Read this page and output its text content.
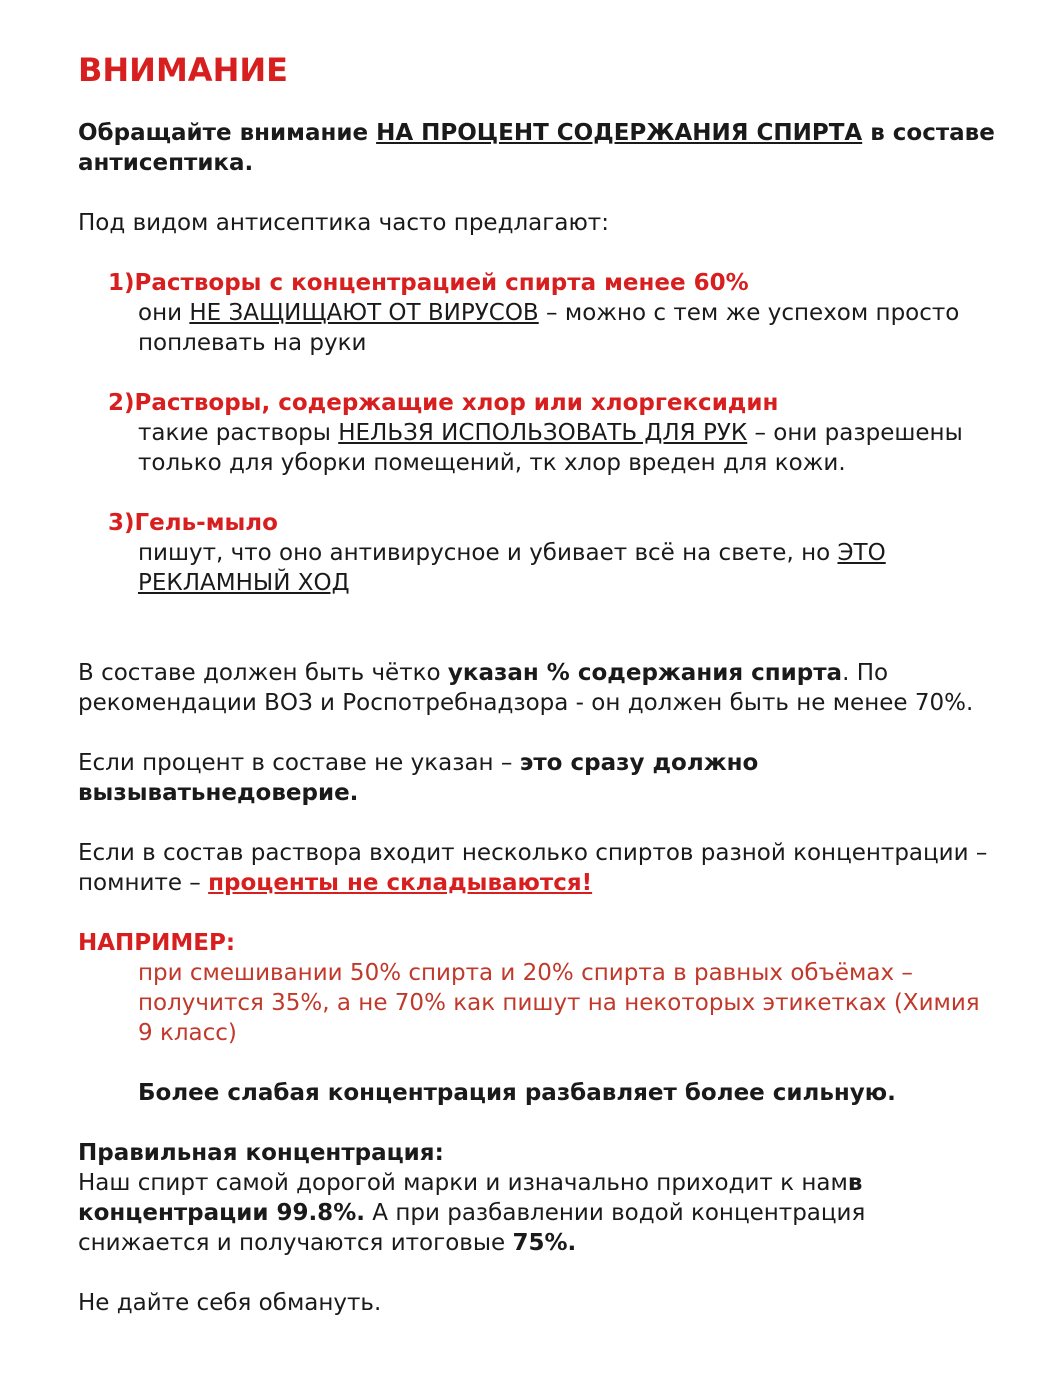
ВНИМАНИЕ

Обращайте внимание НА ПРОЦЕНТ СОДЕРЖАНИЯ СПИРТА в составе антисептика.

Под видом антисептика часто предлагают:

1)Растворы с концентрацией спирта менее 60%
они НЕ ЗАЩИЩАЮТ ОТ ВИРУСОВ – можно с тем же успехом просто поплевать на руки
2)Растворы, содержащие хлор или хлоргексидин
такие растворы НЕЛЬЗЯ ИСПОЛЬЗОВАТЬ ДЛЯ РУК – они разрешены только для уборки помещений, тк хлор вреден для кожи.
3)Гель-мыло
пишут, что оно антивирусное и убивает всё на свете, но ЭТО РЕКЛАМНЫЙ ХОД

В составе должен быть чётко указан % содержания спирта. По рекомендации ВОЗ и Роспотребнадзора - он должен быть не менее 70%.

Если процент в составе не указан – это сразу должно вызыватьнедоверие.

Если в состав раствора входит несколько спиртов разной концентрации – помните – проценты не складываются!

НАПРИМЕР:
при смешивании 50% спирта и 20% спирта в равных объёмах – получится 35%, а не 70% как пишут на некоторых этикетках (Химия 9 класс)
Более слабая концентрация разбавляет более сильную.
Правильная концентрация:

Наш спирт самой дорогой марки и изначально приходит к намв концентрации 99.8%. А при разбавлении водой концентрация снижается и получаются итоговые 75%.

Не дайте себя обмануть.
